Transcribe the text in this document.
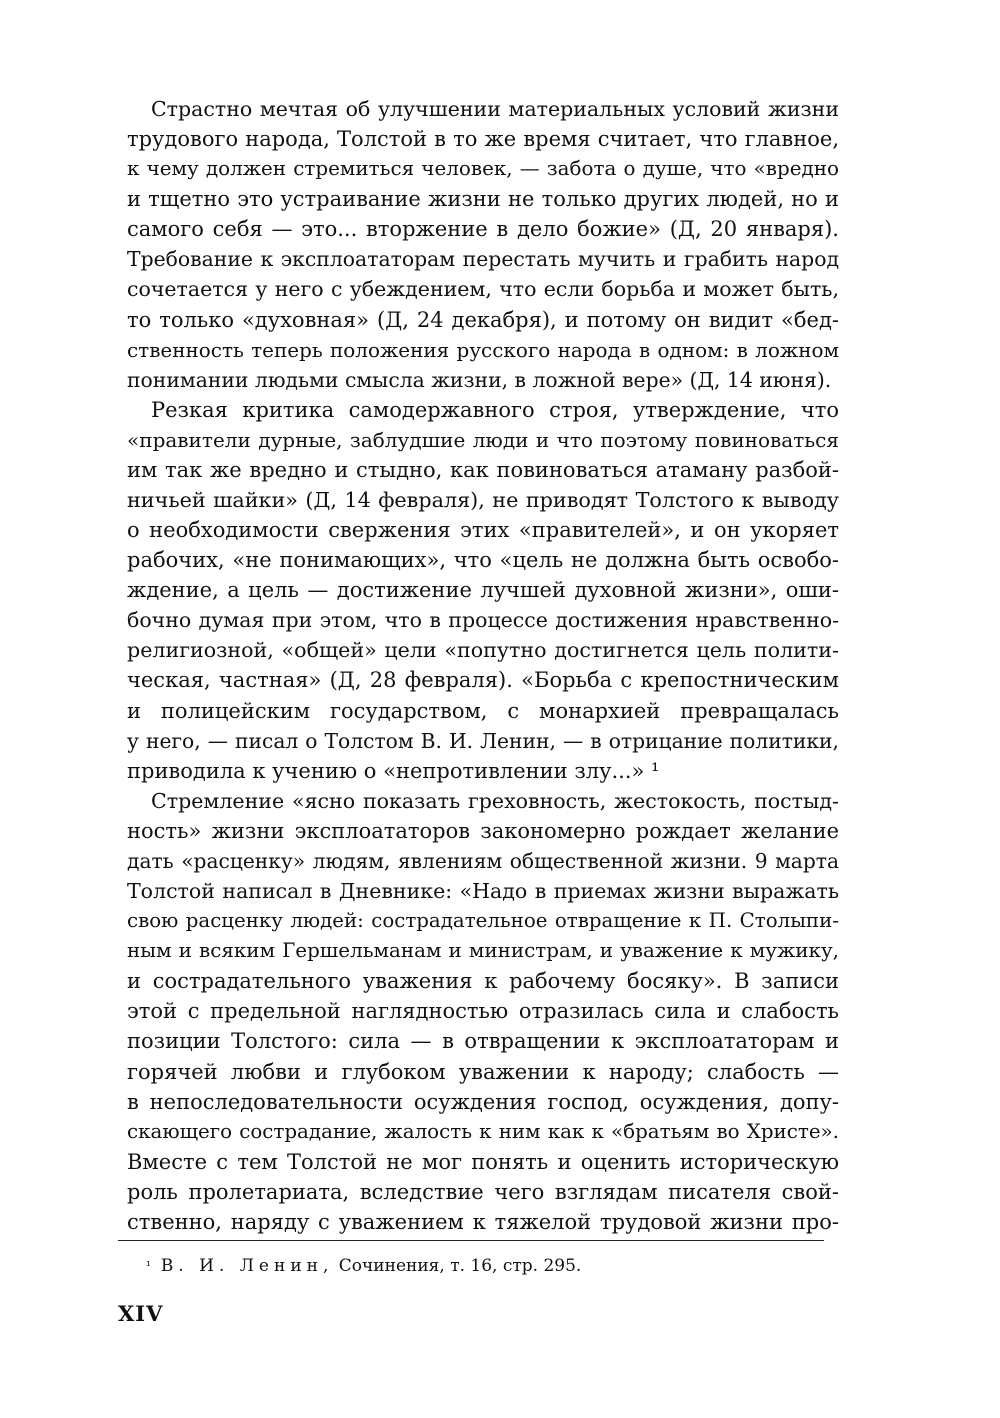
Страстно мечтая об улучшении материальных условий жизни
трудового народа, Толстой в то же время считает, что главное,
к чему должен стремиться человек, — забота о душе, что «вредно
и тщетно это устраивание жизни не только других людей, но и
самого себя — это... вторжение в дело божие» (Д, 20 января).
Требование к эксплоататорам перестать мучить и грабить народ
сочетается у него с убеждением, что если борьба и может быть,
то только «духовная» (Д, 24 декабря), и потому он видит «бед-
ственность теперь положения русского народа в одном: в ложном
понимании людьми смысла жизни, в ложной вере» (Д, 14 июня).
Резкая критика самодержавного строя, утверждение, что
«правители дурные, заблудшие люди и что поэтому повиноваться
им так же вредно и стыдно, как повиноваться атаману разбой-
ничьей шайки» (Д, 14 февраля), не приводят Толстого к выводу
о необходимости свержения этих «правителей», и он укоряет
рабочих, «не понимающих», что «цель не должна быть освобо-
ждение, а цель — достижение лучшей духовной жизни», оши-
бочно думая при этом, что в процессе достижения нравственно-
религиозной, «общей» цели «попутно достигнется цель полити-
ческая, частная» (Д, 28 февраля). «Борьба с крепостническим
и полицейским государством, с монархией превращалась
у него, — писал о Толстом В. И. Ленин, — в отрицание политики,
приводила к учению о «непротивлении злу...» ¹
Стремление «ясно показать греховность, жестокость, постыд-
ность» жизни эксплоататоров закономерно рождает желание
дать «расценку» людям, явлениям общественной жизни. 9 марта
Толстой написал в Дневнике: «Надо в приемах жизни выражать
свою расценку людей: сострадательное отвращение к П. Столыпи-
ным и всяким Гершельманам и министрам, и уважение к мужику,
и сострадательного уважения к рабочему босяку». В записи
этой с предельной наглядностью отразилась сила и слабость
позиции Толстого: сила — в отвращении к эксплоататорам и
горячей любви и глубоком уважении к народу; слабость —
в непоследовательности осуждения господ, осуждения, допу-
скающего сострадание, жалость к ним как к «братьям во Христе».
Вместе с тем Толстой не мог понять и оценить историческую
роль пролетариата, вследствие чего взглядам писателя свой-
ственно, наряду с уважением к тяжелой трудовой жизни про-
$^{^1}$ В. И. Ленин, Сочинения, т. 16, стр. 295.
XIV
